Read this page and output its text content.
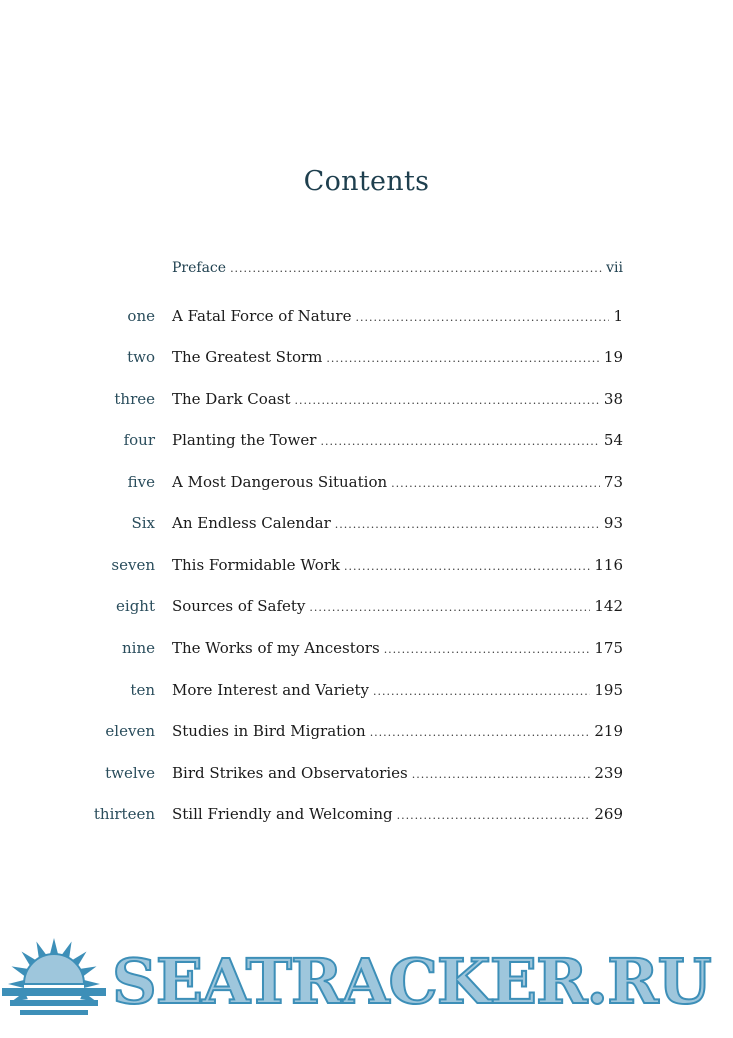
Contents
Preface .....	vii
one A Fatal Force of Nature .....	1
two The Greatest Storm .....	19
three The Dark Coast .....	38
four Planting the Tower .....	54
five A Most Dangerous Situation .....	73
Six An Endless Calendar .....	93
seven This Formidable Work .....	116
eight Sources of Safety .....	142
nine The Works of my Ancestors .....	175
ten More Interest and Variety .....	195
eleven Studies in Bird Migration .....	219
twelve Bird Strikes and Observatories .....	239
thirteen Still Friendly and Welcoming .....	269
SEATRACKER.RU
